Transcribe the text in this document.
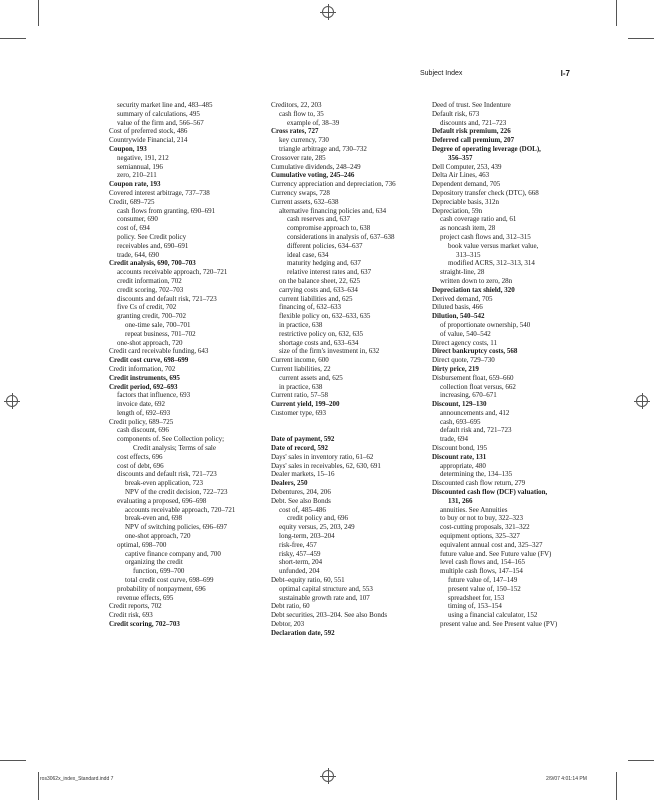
Subject Index	I-7
security market line and, 483–485
summary of calculations, 495
value of the firm and, 566–567
Cost of preferred stock, 486
Countrywide Financial, 214
Coupon, 193
negative, 191, 212
semiannual, 196
zero, 210–211
Coupon rate, 193
Covered interest arbitrage, 737–738
Credit, 689–725
cash flows from granting, 690–691
consumer, 690
cost of, 694
policy. See Credit policy
receivables and, 690–691
trade, 644, 690
Credit analysis, 690, 700–703
accounts receivable approach, 720–721
credit information, 702
credit scoring, 702–703
discounts and default risk, 721–723
five Cs of credit, 702
granting credit, 700–702
one-time sale, 700–701
repeat business, 701–702
one-shot approach, 720
Credit card receivable funding, 643
Credit cost curve, 698–699
Credit information, 702
Credit instruments, 695
Credit period, 692–693
factors that influence, 693
invoice date, 692
length of, 692–693
Credit policy, 689–725
cash discount, 696
components of. See Collection policy;
Credit analysis; Terms of sale
cost effects, 696
cost of debt, 696
discounts and default risk, 721–723
break-even application, 723
NPV of the credit decision, 722–723
evaluating a proposed, 696–698
accounts receivable approach, 720–721
break-even and, 698
NPV of switching policies, 696–697
one-shot approach, 720
optimal, 698–700
captive finance company and, 700
organizing the credit
function, 699–700
total credit cost curve, 698–699
probability of nonpayment, 696
revenue effects, 695
Credit reports, 702
Credit risk, 693
Credit scoring, 702–703
Creditors, 22, 203
cash flow to, 35
example of, 38–39
Cross rates, 727
key currency, 730
triangle arbitrage and, 730–732
Crossover rate, 285
Cumulative dividends, 248–249
Cumulative voting, 245–246
Currency appreciation and depreciation, 736
Currency swaps, 728
Current assets, 632–638
alternative financing policies and, 634
cash reserves and, 637
compromise approach to, 638
considerations in analysis of, 637–638
different policies, 634–637
ideal case, 634
maturity hedging and, 637
relative interest rates and, 637
on the balance sheet, 22, 625
carrying costs and, 633–634
current liabilities and, 625
financing of, 632–633
flexible policy on, 632–633, 635
in practice, 638
restrictive policy on, 632, 635
shortage costs and, 633–634
size of the firm's investment in, 632
Current income, 600
Current liabilities, 22
current assets and, 625
in practice, 638
Current ratio, 57–58
Current yield, 199–200
Customer type, 693
Date of payment, 592
Date of record, 592
Days' sales in inventory ratio, 61–62
Days' sales in receivables, 62, 630, 691
Dealer markets, 15–16
Dealers, 250
Debentures, 204, 206
Debt. See also Bonds
cost of, 485–486
credit policy and, 696
equity versus, 25, 203, 249
long-term, 203–204
risk-free, 457
risky, 457–459
short-term, 204
unfunded, 204
Debt–equity ratio, 60, 551
optimal capital structure and, 553
sustainable growth rate and, 107
Debt ratio, 60
Debt securities, 203–204. See also Bonds
Debtor, 203
Declaration date, 592
Deed of trust. See Indenture
Default risk, 673
discounts and, 721–723
Default risk premium, 226
Deferred call premium, 207
Degree of operating leverage (DOL),
356–357
Dell Computer, 253, 439
Delta Air Lines, 463
Dependent demand, 705
Depository transfer check (DTC), 668
Depreciable basis, 312n
Depreciation, 59n
cash coverage ratio and, 61
as noncash item, 28
project cash flows and, 312–315
book value versus market value,
313–315
modified ACRS, 312–313, 314
straight-line, 28
written down to zero, 28n
Depreciation tax shield, 320
Derived demand, 705
Diluted basis, 466
Dilution, 540–542
of proportionate ownership, 540
of value, 540–542
Direct agency costs, 11
Direct bankruptcy costs, 568
Direct quote, 729–730
Dirty price, 219
Disbursement float, 659–660
collection float versus, 662
increasing, 670–671
Discount, 129–130
announcements and, 412
cash, 693–695
default risk and, 721–723
trade, 694
Discount bond, 195
Discount rate, 131
appropriate, 480
determining the, 134–135
Discounted cash flow return, 279
Discounted cash flow (DCF) valuation,
131, 266
annuities. See Annuities
to buy or not to buy, 322–323
cost-cutting proposals, 321–322
equipment options, 325–327
equivalent annual cost and, 325–327
future value and. See Future value (FV)
level cash flows and, 154–165
multiple cash flows, 147–154
future value of, 147–149
present value of, 150–152
spreadsheet for, 153
timing of, 153–154
using a financial calculator, 152
present value and. See Present value (PV)
ros3062x_index_Standard.indd 7	2/9/07 4:01:14 PM
